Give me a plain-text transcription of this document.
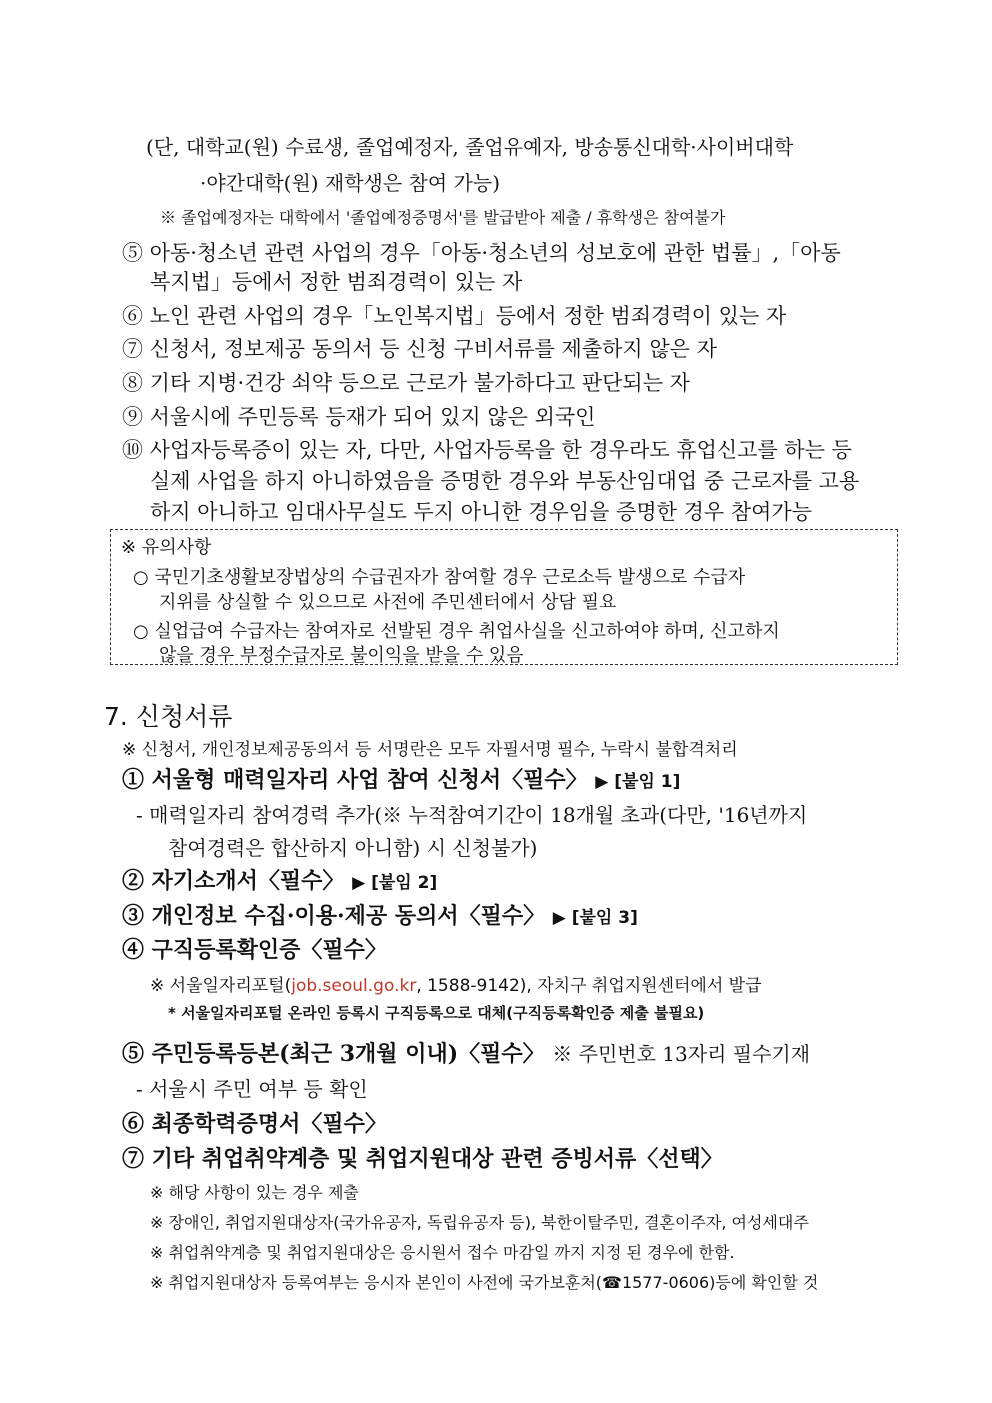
(단, 대학교(원) 수료생, 졸업예정자, 졸업유예자, 방송통신대학·사이버대학
·야간대학(원) 재학생은 참여 가능)
※ 졸업예정자는 대학에서 '졸업예정증명서'를 발급받아 제출 / 휴학생은 참여불가
⑤ 아동·청소년 관련 사업의 경우「아동·청소년의 성보호에 관한 법률」,「아동
복지법」등에서 정한 범죄경력이 있는 자
⑥ 노인 관련 사업의 경우「노인복지법」등에서 정한 범죄경력이 있는 자
⑦ 신청서, 정보제공 동의서 등 신청 구비서류를 제출하지 않은 자
⑧ 기타 지병·건강 쇠약 등으로 근로가 불가하다고 판단되는 자
⑨ 서울시에 주민등록 등재가 되어 있지 않은 외국인
⑩ 사업자등록증이 있는 자, 다만, 사업자등록을 한 경우라도 휴업신고를 하는 등
실제 사업을 하지 아니하였음을 증명한 경우와 부동산임대업 중 근로자를 고용
하지 아니하고 임대사무실도 두지 아니한 경우임을 증명한 경우 참여가능
※ 유의사항
○ 국민기초생활보장법상의 수급권자가 참여할 경우 근로소득 발생으로 수급자
지위를 상실할 수 있으므로 사전에 주민센터에서 상담 필요
○ 실업급여 수급자는 참여자로 선발된 경우 취업사실을 신고하여야 하며, 신고하지
않을 경우 부정수급자로 불이익을 받을 수 있음
7. 신청서류
※ 신청서, 개인정보제공동의서 등 서명란은 모두 자필서명 필수, 누락시 불합격처리
① 서울형 매력일자리 사업 참여 신청서〈필수〉 ▶ [붙임 1]
- 매력일자리 참여경력 추가(※ 누적참여기간이 18개월 초과(다만, '16년까지
참여경력은 합산하지 아니함) 시 신청불가)
② 자기소개서〈필수〉 ▶ [붙임 2]
③ 개인정보 수집·이용·제공 동의서〈필수〉 ▶ [붙임 3]
④ 구직등록확인증〈필수〉
※ 서울일자리포털(job.seoul.go.kr, 1588-9142), 자치구 취업지원센터에서 발급
* 서울일자리포털 온라인 등록시 구직등록으로 대체(구직등록확인증 제출 불필요)
⑤ 주민등록등본(최근 3개월 이내)〈필수〉 ※ 주민번호 13자리 필수기재
- 서울시 주민 여부 등 확인
⑥ 최종학력증명서〈필수〉
⑦ 기타 취업취약계층 및 취업지원대상 관련 증빙서류〈선택〉
※ 해당 사항이 있는 경우 제출
※ 장애인, 취업지원대상자(국가유공자, 독립유공자 등), 북한이탈주민, 결혼이주자, 여성세대주
※ 취업취약계층 및 취업지원대상은 응시원서 접수 마감일 까지 지정 된 경우에 한함.
※ 취업지원대상자 등록여부는 응시자 본인이 사전에 국가보훈처(☎1577-0606)등에 확인할 것
